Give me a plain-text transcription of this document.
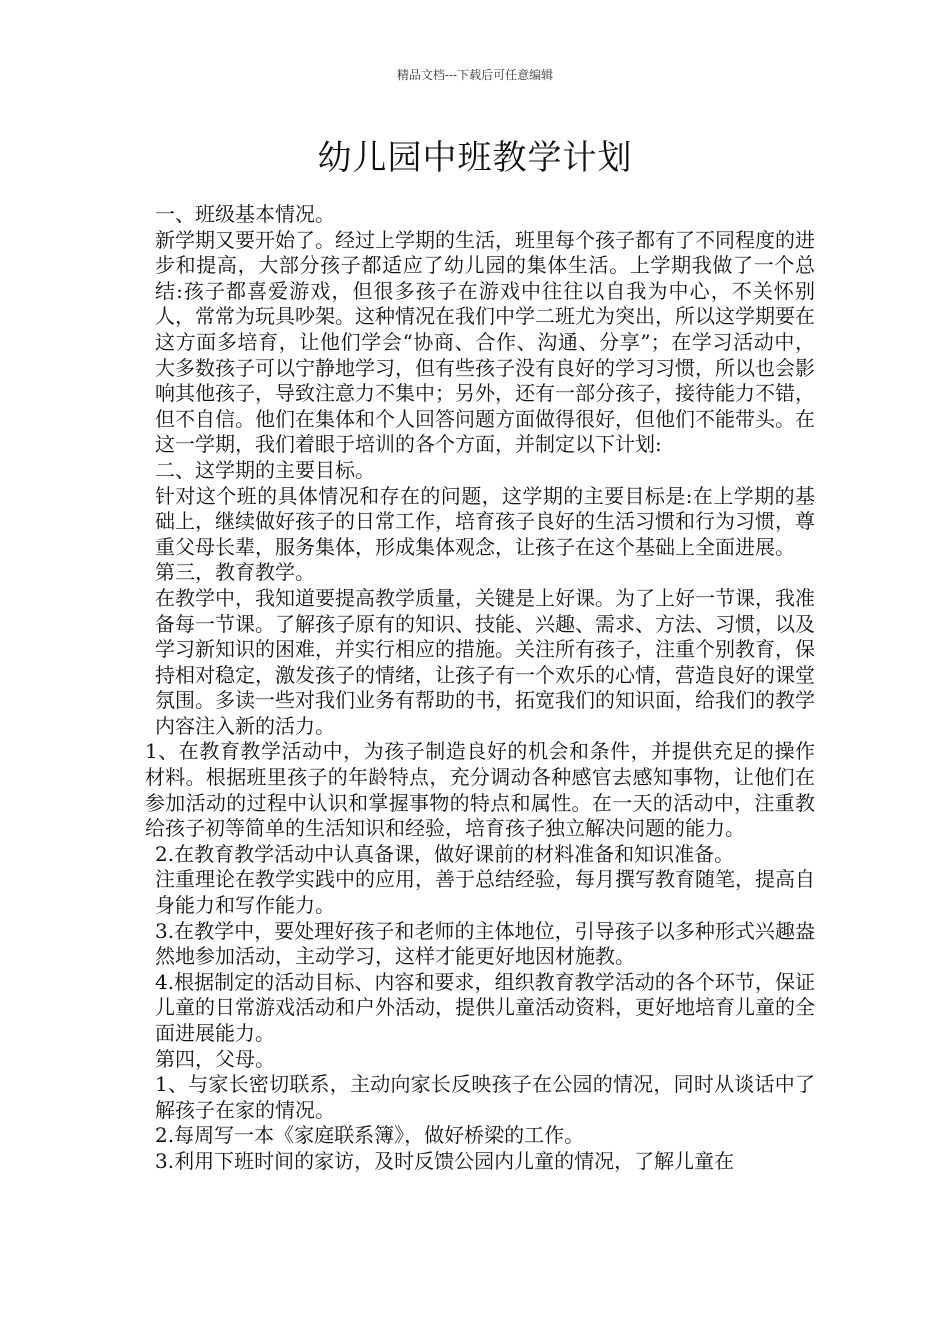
精品文档---下载后可任意编辑
幼儿园中班教学计划

一、班级基本情况。

新学期又要开始了。经过上学期的生活，班里每个孩子都有了不同程度的进步和提高，大部分孩子都适应了幼儿园的集体生活。上学期我做了一个总结:孩子都喜爱游戏，但很多孩子在游戏中往往以自我为中心，不关怀别人，常常为玩具吵架。这种情况在我们中学二班尤为突出，所以这学期要在这方面多培育，让他们学会“协商、合作、沟通、分享”；在学习活动中，大多数孩子可以宁静地学习，但有些孩子没有良好的学习习惯，所以也会影响其他孩子，导致注意力不集中；另外，还有一部分孩子，接待能力不错，但不自信。他们在集体和个人回答问题方面做得很好，但他们不能带头。在这一学期，我们着眼于培训的各个方面，并制定以下计划:

二、这学期的主要目标。

针对这个班的具体情况和存在的问题，这学期的主要目标是:在上学期的基础上，继续做好孩子的日常工作，培育孩子良好的生活习惯和行为习惯，尊重父母长辈，服务集体，形成集体观念，让孩子在这个基础上全面进展。

第三，教育教学。

在教学中，我知道要提高教学质量，关键是上好课。为了上好一节课，我准备每一节课。了解孩子原有的知识、技能、兴趣、需求、方法、习惯，以及学习新知识的困难，并实行相应的措施。关注所有孩子，注重个别教育，保持相对稳定，激发孩子的情绪，让孩子有一个欢乐的心情，营造良好的课堂氛围。多读一些对我们业务有帮助的书，拓宽我们的知识面，给我们的教学内容注入新的活力。

1、在教育教学活动中，为孩子制造良好的机会和条件，并提供充足的操作材料。根据班里孩子的年龄特点，充分调动各种感官去感知事物，让他们在参加活动的过程中认识和掌握事物的特点和属性。在一天的活动中，注重教给孩子初等简单的生活知识和经验，培育孩子独立解决问题的能力。

2.在教育教学活动中认真备课，做好课前的材料准备和知识准备。

注重理论在教学实践中的应用，善于总结经验，每月撰写教育随笔，提高自身能力和写作能力。

3.在教学中，要处理好孩子和老师的主体地位，引导孩子以多种形式兴趣盎然地参加活动，主动学习，这样才能更好地因材施教。

4.根据制定的活动目标、内容和要求，组织教育教学活动的各个环节，保证儿童的日常游戏活动和户外活动，提供儿童活动资料，更好地培育儿童的全面进展能力。

第四，父母。

1、与家长密切联系，主动向家长反映孩子在公园的情况，同时从谈话中了解孩子在家的情况。

2.每周写一本《家庭联系簿》，做好桥梁的工作。

3.利用下班时间的家访，及时反馈公园内儿童的情况，了解儿童在
